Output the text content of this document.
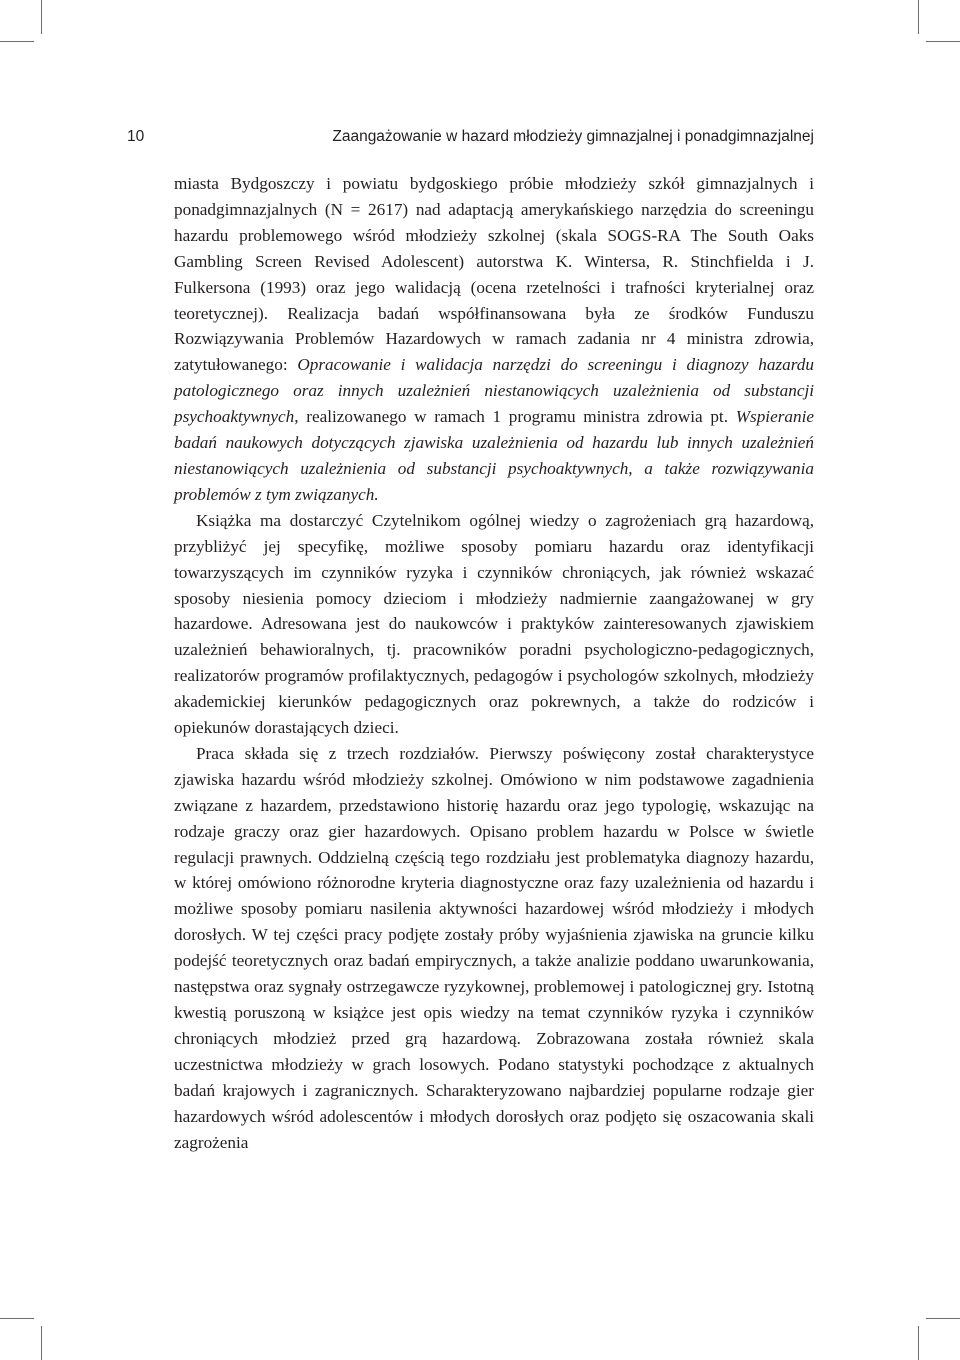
10	Zaangażowanie w hazard młodzieży gimnazjalnej i ponadgimnazjalnej

miasta Bydgoszczy i powiatu bydgoskiego próbie młodzieży szkół gimnazjalnych i ponadgimnazjalnych (N = 2617) nad adaptacją amerykańskiego narzędzia do screeningu hazardu problemowego wśród młodzieży szkolnej (skala SOGS-RA The South Oaks Gambling Screen Revised Adolescent) autorstwa K. Wintersa, R. Stinchfielda i J. Fulkersona (1993) oraz jego walidacją (ocena rzetelności i trafności kryterialnej oraz teoretycznej). Realizacja badań współfinansowana była ze środków Funduszu Rozwiązywania Problemów Hazardowych w ramach zadania nr 4 ministra zdrowia, zatytułowanego: Opracowanie i walidacja narzędzi do screeningu i diagnozy hazardu patologicznego oraz innych uzależnień niestanowiących uzależnienia od substancji psychoaktywnych, realizowanego w ramach 1 programu ministra zdrowia pt. Wspieranie badań naukowych dotyczących zjawiska uzależnienia od hazardu lub innych uzależnień niestanowiących uzależnienia od substancji psychoaktywnych, a także rozwiązywania problemów z tym związanych.

Książka ma dostarczyć Czytelnikom ogólnej wiedzy o zagrożeniach grą hazardową, przybliżyć jej specyfikę, możliwe sposoby pomiaru hazardu oraz identyfikacji towarzyszących im czynników ryzyka i czynników chroniących, jak również wskazać sposoby niesienia pomocy dzieciom i młodzieży nadmiernie zaangażowanej w gry hazardowe. Adresowana jest do naukowców i praktyków zainteresowanych zjawiskiem uzależnień behawioralnych, tj. pracowników poradni psychologiczno-pedagogicznych, realizatorów programów profilaktycznych, pedagogów i psychologów szkolnych, młodzieży akademickiej kierunków pedagogicznych oraz pokrewnych, a także do rodziców i opiekunów dorastających dzieci.

Praca składa się z trzech rozdziałów. Pierwszy poświęcony został charakterystyce zjawiska hazardu wśród młodzieży szkolnej. Omówiono w nim podstawowe zagadnienia związane z hazardem, przedstawiono historię hazardu oraz jego typologię, wskazując na rodzaje graczy oraz gier hazardowych. Opisano problem hazardu w Polsce w świetle regulacji prawnych. Oddzielną częścią tego rozdziału jest problematyka diagnozy hazardu, w której omówiono różnorodne kryteria diagnostyczne oraz fazy uzależnienia od hazardu i możliwe sposoby pomiaru nasilenia aktywności hazardowej wśród młodzieży i młodych dorosłych. W tej części pracy podjęte zostały próby wyjaśnienia zjawiska na gruncie kilku podejść teoretycznych oraz badań empirycznych, a także analizie poddano uwarunkowania, następstwa oraz sygnały ostrzegawcze ryzykownej, problemowej i patologicznej gry. Istotną kwestią poruszoną w książce jest opis wiedzy na temat czynników ryzyka i czynników chroniących młodzież przed grą hazardową. Zobrazowana została również skala uczestnictwa młodzieży w grach losowych. Podano statystyki pochodzące z aktualnych badań krajowych i zagranicznych. Scharakteryzowano najbardziej popularne rodzaje gier hazardowych wśród adolescentów i młodych dorosłych oraz podjęto się oszacowania skali zagrożenia
